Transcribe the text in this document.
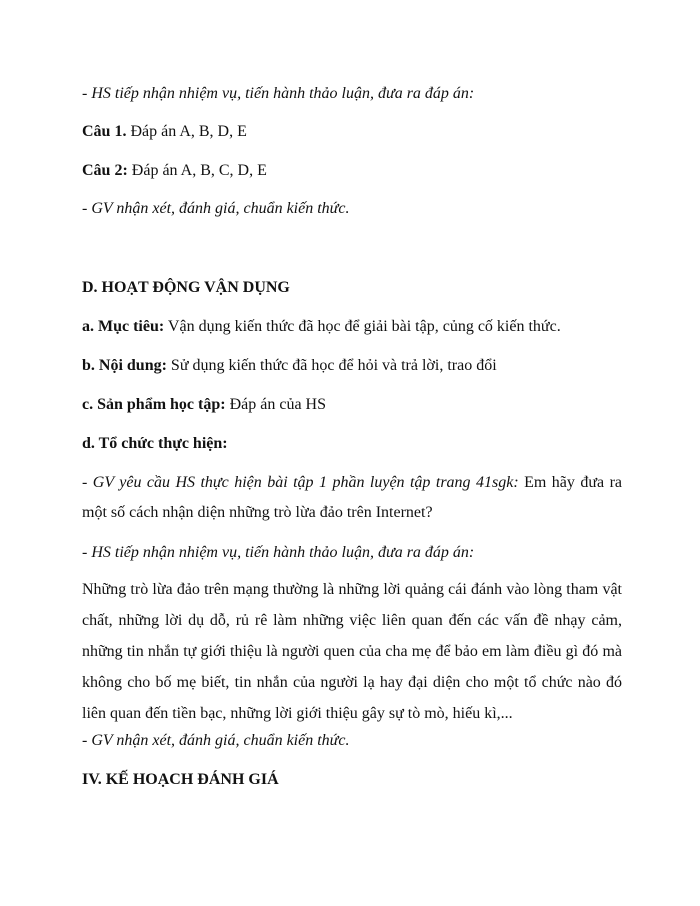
- HS tiếp nhận nhiệm vụ, tiến hành thảo luận, đưa ra đáp án:
Câu 1. Đáp án A, B, D, E
Câu 2: Đáp án A, B, C, D, E
- GV nhận xét, đánh giá, chuẩn kiến thức.
D. HOẠT ĐỘNG VẬN DỤNG
a. Mục tiêu: Vận dụng kiến thức đã học để giải bài tập, củng cố kiến thức.
b. Nội dung: Sử dụng kiến thức đã học để hỏi và trả lời, trao đổi
c. Sản phẩm học tập: Đáp án của HS
d. Tổ chức thực hiện:
- GV yêu cầu HS thực hiện bài tập 1 phần luyện tập trang 41sgk: Em hãy đưa ra một số cách nhận diện những trò lừa đảo trên Internet?
- HS tiếp nhận nhiệm vụ, tiến hành thảo luận, đưa ra đáp án:
Những trò lừa đảo trên mạng thường là những lời quảng cái đánh vào lòng tham vật chất, những lời dụ dỗ, rủ rê làm những việc liên quan đến các vấn đề nhạy cảm, những tin nhắn tự giới thiệu là người quen của cha mẹ để bảo em làm điều gì đó mà không cho bố mẹ biết, tin nhắn của người lạ hay đại diện cho một tổ chức nào đó liên quan đến tiền bạc, những lời giới thiệu gây sự tò mò, hiếu kì,...
- GV nhận xét, đánh giá, chuẩn kiến thức.
IV. KẾ HOẠCH ĐÁNH GIÁ
